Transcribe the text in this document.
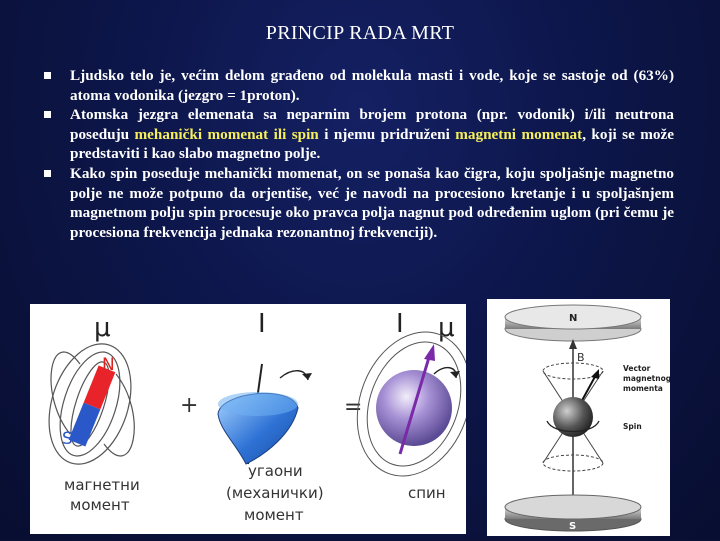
PRINCIP RADA MRT
Ljudsko telo je, većim delom građeno od molekula masti i vode, koje se sastoje od (63%) atoma vodonika (jezgro = 1proton).
Atomska jezgra elemenata sa neparnim brojem protona (npr. vodonik) i/ili neutrona poseduju mehanički momenat ili spin i njemu pridruženi magnetni momenat, koji se može predstaviti i kao slabo magnetno polje.
Kako spin poseduje mehanički momenat, on se ponaša kao čigra, koju spoljašnje magnetno polje ne može potpuno da orjentiše, već je navodi na procesiono kretanje i u spoljašnjem magnetnom polju spin procesuje oko pravca polja nagnut pod određenim uglom (pri čemu je procesiona frekvencija jednaka rezonantnoj frekvenciji).
μ	I	I μ
N
S
+	=
магнетни
момент
угаони
(механички)
момент
спин
N
B
Vector
magnetnog
momenta
Spin
S
